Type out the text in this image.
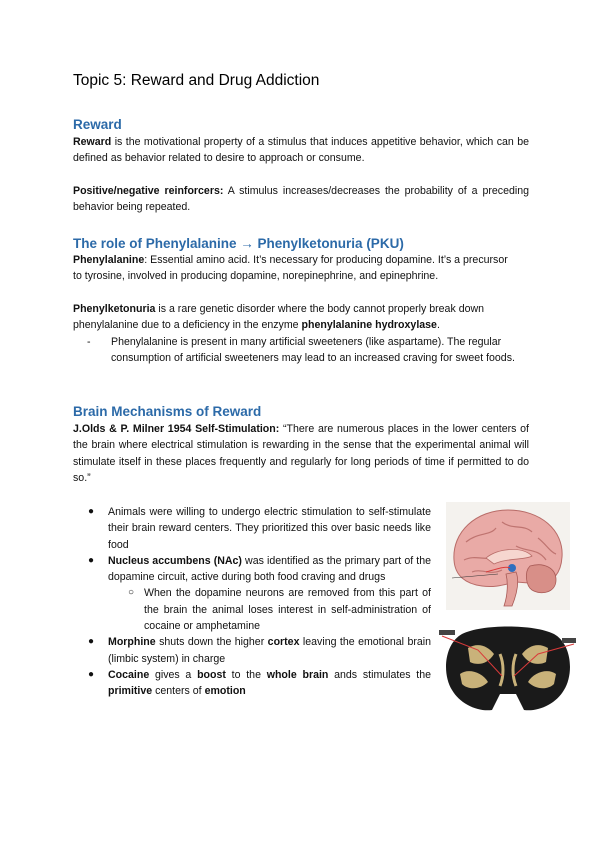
Topic 5: Reward and Drug Addiction
Reward

Reward is the motivational property of a stimulus that induces appetitive behavior, which can be defined as behavior related to desire to approach or consume.

Positive/negative reinforcers: A stimulus increases/decreases the probability of a preceding behavior being repeated.

The role of Phenylalanine → Phenylketonuria (PKU)

Phenylalanine: Essential amino acid. It’s necessary for producing dopamine. It’s a precursor to tyrosine, involved in producing dopamine, norepinephrine, and epinephrine.

Phenylketonuria is a rare genetic disorder where the body cannot properly break down phenylalanine due to a deficiency in the enzyme phenylalanine hydroxylase.

- Phenylalanine is present in many artificial sweeteners (like aspartame). The regular consumption of artificial sweeteners may lead to an increased craving for sweet foods.
Brain Mechanisms of Reward

J.Olds & P. Milner 1954 Self-Stimulation: “There are numerous places in the lower centers of the brain where electrical stimulation is rewarding in the sense that the experimental animal will stimulate itself in these places frequently and regularly for long periods of time if permitted to do so.”

● Animals were willing to undergo electric stimulation to self-stimulate their brain reward centers. They prioritized this over basic needs like food
● Nucleus accumbens (NAc) was identified as the primary part of the dopamine circuit, active during both food craving and drugs
○ When the dopamine neurons are removed from this part of the brain the animal loses interest in self-administration of cocaine or amphetamine
● Morphine shuts down the higher cortex leaving the emotional brain (limbic system) in charge
● Cocaine gives a boost to the whole brain ands stimulates the primitive centers of emotion
